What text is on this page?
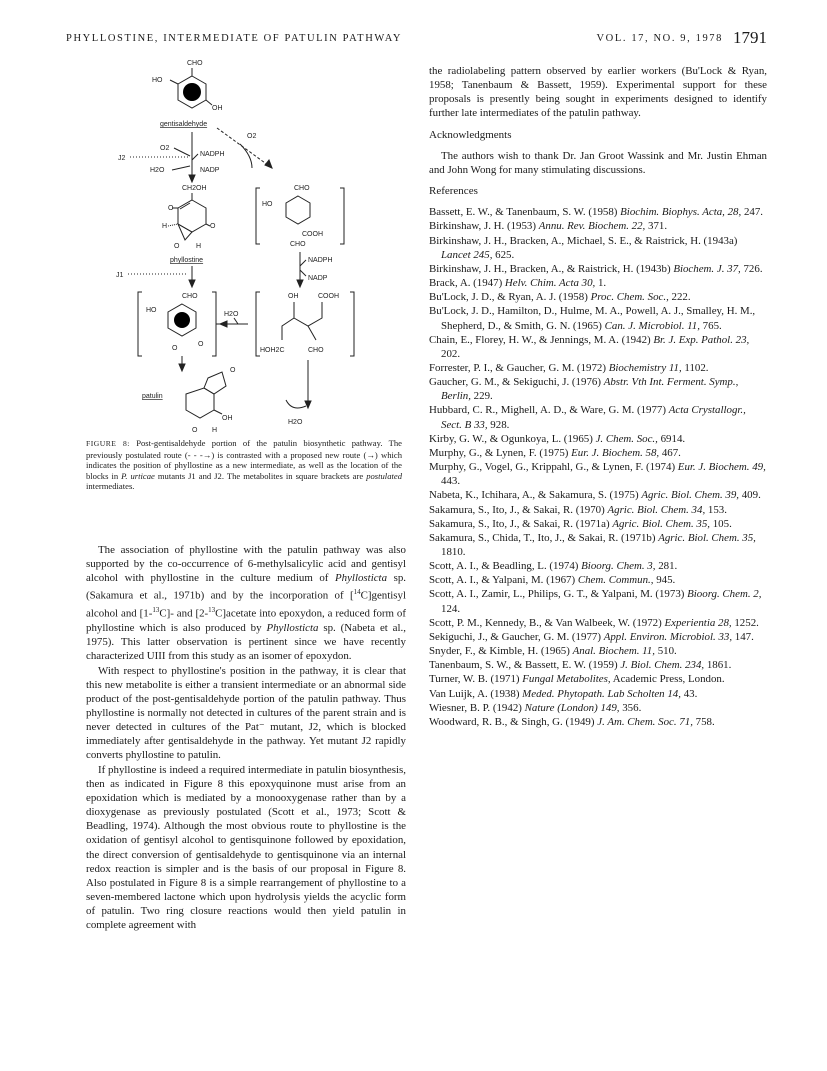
PHYLLOSTINE, INTERMEDIATE OF PATULIN PATHWAY	VOL. 17, NO. 9, 1978 1791
CHO
HO
OH
gentisaldehyde
O2
O2
NADPH
J2
H2O	NADP
CH2OH
O
H	O
O H
phyllostine
J1
CHO
HO
COOH
CHO
NADPH
NADP
CHO
HO
O
O
H2O
OH	COOH
HOH2C	CHO
H2O
O
OH
patulin
O H
FIGURE 8: Post-gentisaldehyde portion of the patulin biosynthetic pathway. The previously postulated route (- - -→) is contrasted with a proposed new route (→) which indicates the position of phyllostine as a new intermediate, as well as the location of the blocks in P. urticae mutants J1 and J2. The metabolites in square brackets are postulated intermediates.

The association of phyllostine with the patulin pathway was also supported by the co-occurrence of 6-methylsalicylic acid and gentisyl alcohol with phyllostine in the culture medium of Phyllosticta sp. (Sakamura et al., 1971b) and by the incorporation of [$^{14}$C]gentisyl alcohol and [1-$^{13}$C]- and [2-$^{13}$C]acetate into epoxydon, a reduced form of phyllostine which is also produced by Phyllosticta sp. (Nabeta et al., 1975). This latter observation is pertinent since we have recently characterized UIII from this study as an isomer of epoxydon.

With respect to phyllostine's position in the pathway, it is clear that this new metabolite is either a transient intermediate or an abnormal side product of the post-gentisaldehyde portion of the patulin pathway. Thus phyllostine is normally not detected in cultures of the parent strain and is never detected in cultures of the Pat⁻ mutant, J2, which is blocked immediately after gentisaldehyde in the pathway. Yet mutant J2 rapidly converts phyllostine to patulin.

If phyllostine is indeed a required intermediate in patulin biosynthesis, then as indicated in Figure 8 this epoxyquinone must arise from an epoxidation which is mediated by a monooxygenase rather than by a dioxygenase as previously postulated (Scott et al., 1973; Scott & Beadling, 1974). Although the most obvious route to phyllostine is the oxidation of gentisyl alcohol to gentisquinone followed by epoxidation, the direct conversion of gentisaldehyde to gentisquinone via an internal redox reaction is simpler and is the basis of our proposal in Figure 8. Also postulated in Figure 8 is a simple rearrangement of phyllostine to a seven-membered lactone which upon hydrolysis yields the acyclic form of patulin. Two ring closure reactions would then yield patulin in complete agreement with

the radiolabeling pattern observed by earlier workers (Bu'Lock & Ryan, 1958; Tanenbaum & Bassett, 1959). Experimental support for these proposals is presently being sought in experiments designed to identify further late intermediates of the patulin pathway.

Acknowledgments

The authors wish to thank Dr. Jan Groot Wassink and Mr. Justin Ehman and John Wong for many stimulating discussions.

References

Bassett, E. W., & Tanenbaum, S. W. (1958) Biochim. Biophys. Acta, 28, 247.

Birkinshaw, J. H. (1953) Annu. Rev. Biochem. 22, 371.

Birkinshaw, J. H., Bracken, A., Michael, S. E., & Raistrick, H. (1943a) Lancet 245, 625.

Birkinshaw, J. H., Bracken, A., & Raistrick, H. (1943b) Biochem. J. 37, 726.

Brack, A. (1947) Helv. Chim. Acta 30, 1.

Bu'Lock, J. D., & Ryan, A. J. (1958) Proc. Chem. Soc., 222.

Bu'Lock, J. D., Hamilton, D., Hulme, M. A., Powell, A. J., Smalley, H. M., Shepherd, D., & Smith, G. N. (1965) Can. J. Microbiol. 11, 765.

Chain, E., Florey, H. W., & Jennings, M. A. (1942) Br. J. Exp. Pathol. 23, 202.

Forrester, P. I., & Gaucher, G. M. (1972) Biochemistry 11, 1102.

Gaucher, G. M., & Sekiguchi, J. (1976) Abstr. Vth Int. Ferment. Symp., Berlin, 229.

Hubbard, C. R., Mighell, A. D., & Ware, G. M. (1977) Acta Crystallogr., Sect. B 33, 928.

Kirby, G. W., & Ogunkoya, L. (1965) J. Chem. Soc., 6914.

Murphy, G., & Lynen, F. (1975) Eur. J. Biochem. 58, 467.

Murphy, G., Vogel, G., Krippahl, G., & Lynen, F. (1974) Eur. J. Biochem. 49, 443.

Nabeta, K., Ichihara, A., & Sakamura, S. (1975) Agric. Biol. Chem. 39, 409.

Sakamura, S., Ito, J., & Sakai, R. (1970) Agric. Biol. Chem. 34, 153.

Sakamura, S., Ito, J., & Sakai, R. (1971a) Agric. Biol. Chem. 35, 105.

Sakamura, S., Chida, T., Ito, J., & Sakai, R. (1971b) Agric. Biol. Chem. 35, 1810.

Scott, A. I., & Beadling, L. (1974) Bioorg. Chem. 3, 281.

Scott, A. I., & Yalpani, M. (1967) Chem. Commun., 945.

Scott, A. I., Zamir, L., Philips, G. T., & Yalpani, M. (1973) Bioorg. Chem. 2, 124.

Scott, P. M., Kennedy, B., & Van Walbeek, W. (1972) Experientia 28, 1252.

Sekiguchi, J., & Gaucher, G. M. (1977) Appl. Environ. Microbiol. 33, 147.

Snyder, F., & Kimble, H. (1965) Anal. Biochem. 11, 510.

Tanenbaum, S. W., & Bassett, E. W. (1959) J. Biol. Chem. 234, 1861.

Turner, W. B. (1971) Fungal Metabolites, Academic Press, London.

Van Luijk, A. (1938) Meded. Phytopath. Lab Scholten 14, 43.

Wiesner, B. P. (1942) Nature (London) 149, 356.

Woodward, R. B., & Singh, G. (1949) J. Am. Chem. Soc. 71, 758.
